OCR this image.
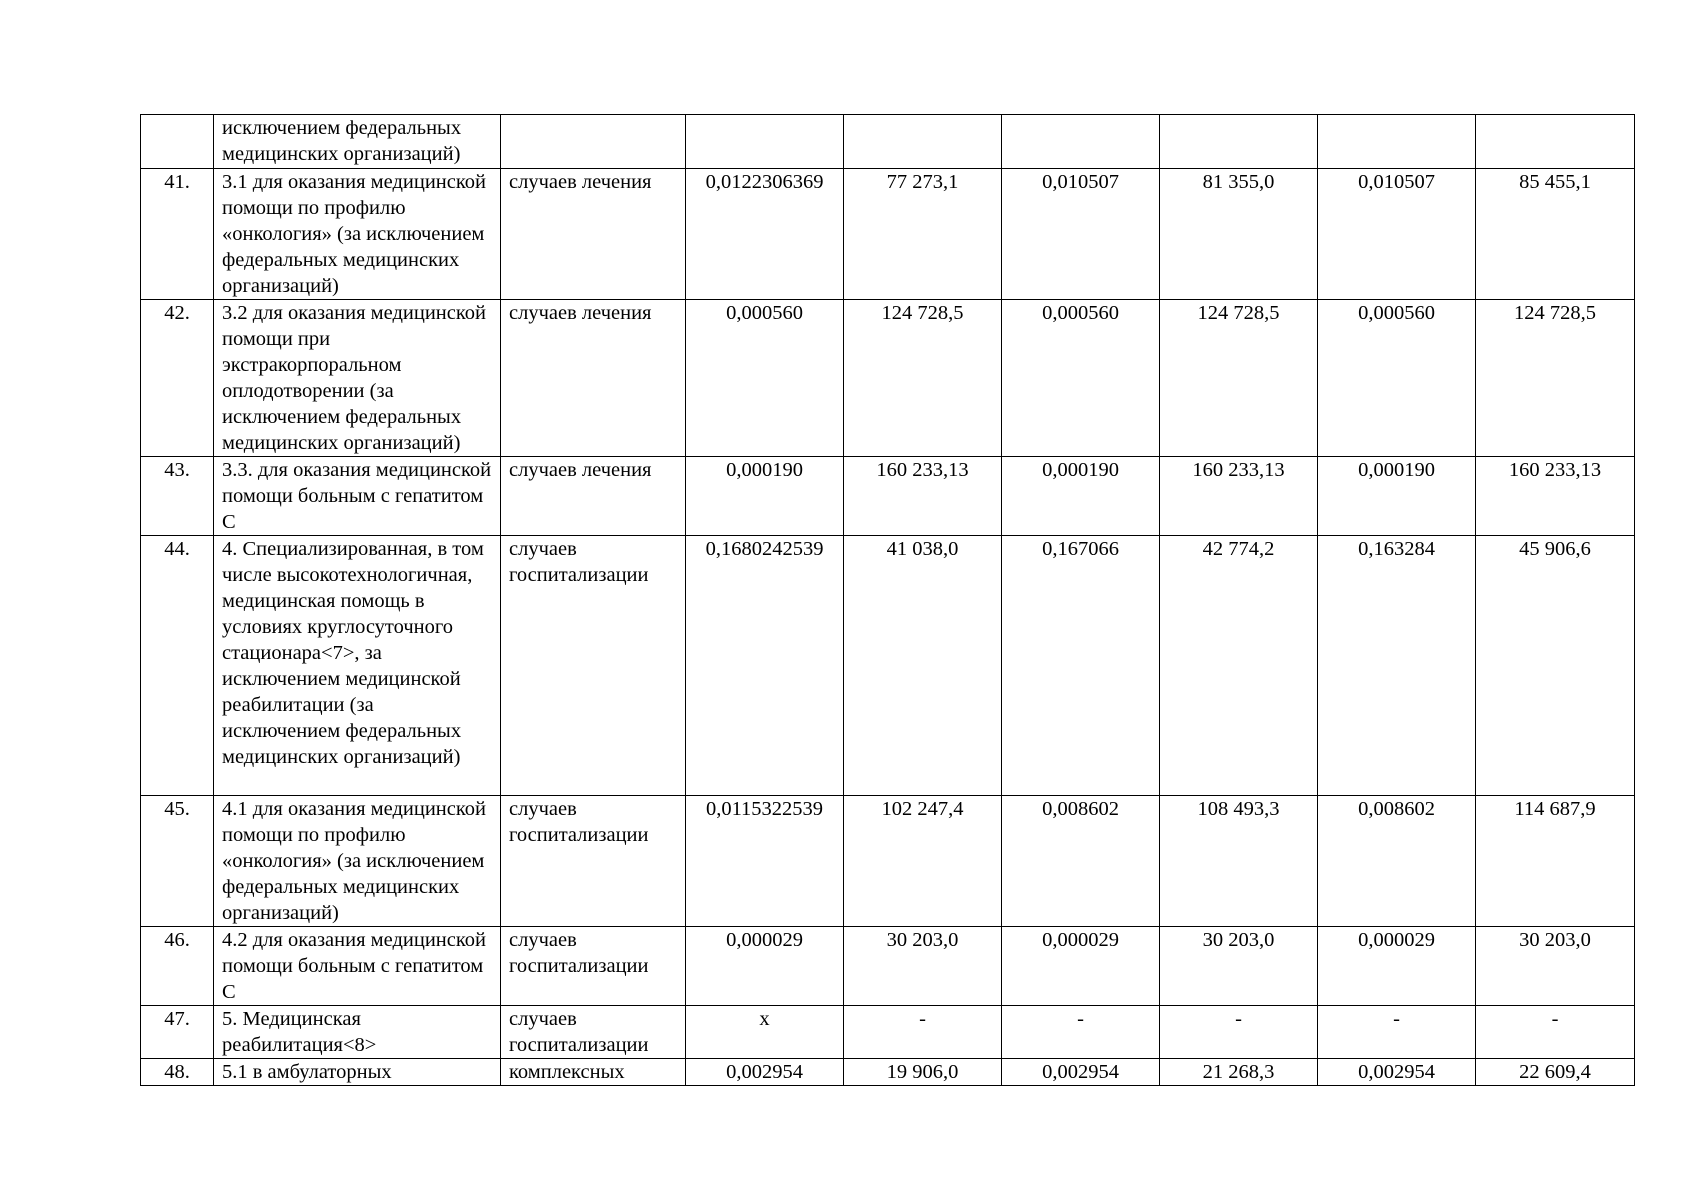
	исключением федеральных медицинских организаций)							
41.	3.1 для оказания медицинской помощи по профилю «онкология» (за исключением федеральных медицинских организаций)	случаев лечения	0,0122306369	77 273,1	0,010507	81 355,0	0,010507	85 455,1
42.	3.2 для оказания медицинской помощи при экстракорпоральном оплодотворении (за исключением федеральных медицинских организаций)	случаев лечения	0,000560	124 728,5	0,000560	124 728,5	0,000560	124 728,5
43.	3.3. для оказания медицинской помощи больным с гепатитом С	случаев лечения	0,000190	160 233,13	0,000190	160 233,13	0,000190	160 233,13
44.	4. Специализированная, в том числе высокотехнологичная, медицинская помощь в условиях круглосуточного стационара<7>, за исключением медицинской реабилитации (за исключением федеральных медицинских организаций)	случаев госпитализации	0,1680242539	41 038,0	0,167066	42 774,2	0,163284	45 906,6
45.	4.1 для оказания медицинской помощи по профилю «онкология» (за исключением федеральных медицинских организаций)	случаев госпитализации	0,0115322539	102 247,4	0,008602	108 493,3	0,008602	114 687,9
46.	4.2 для оказания медицинской помощи больным с гепатитом С	случаев госпитализации	0,000029	30 203,0	0,000029	30 203,0	0,000029	30 203,0
47.	5. Медицинская реабилитация<8>	случаев госпитализации	x	-	-	-	-	-
48.	5.1 в амбулаторных	комплексных	0,002954	19 906,0	0,002954	21 268,3	0,002954	22 609,4
